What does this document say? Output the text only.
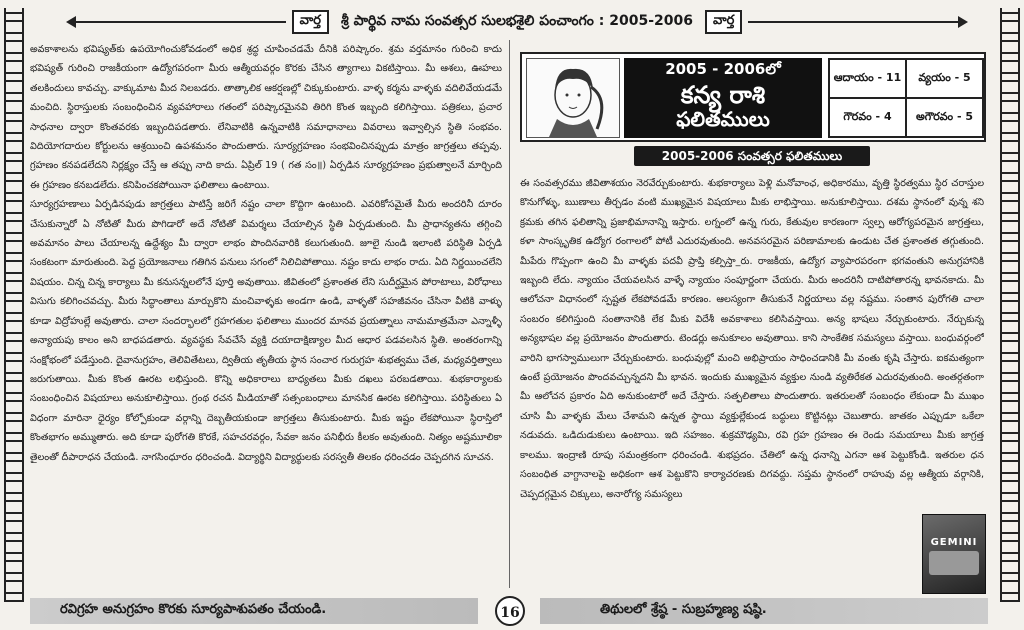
వార్త	శ్రీ పార్థివ నామ సంవత్సర సులభశైలి పంచాంగం : 2005-2006	వార్త

అవకాశాలను భవిష్యత్‌కు ఉపయోగించుకోవడంలో అధిక శ్రద్ధ చూపించడమే దీనికి పరిష్కారం. శ్రమ వర్తమానం గురించి కాదు భవిష్యత్ గురించి రాజకీయంగా ఉద్యోగపరంగా మీరు ఆత్మీయవర్గం కొరకు చేసిన త్యాగాలు వికటిస్తాయి. మీ ఆశలు, ఊహలు తలకిందులు కావచ్చు. వాక్కుమాట మీద నిలబడరు. తాత్కాలిక ఆకర్షణల్లో చిక్కుకుంటారు. వాళ్ళ కర్మను వాళ్ళకు వదిలివేయడమే మంచిది. స్థిరాస్తులకు సంబంధించిన వ్యవహారాలు గతంలో పరిష్కారమైనవి తిరిగి కొంత ఇబ్బంది కలిగిస్తాయి. పత్రికలు, ప్రచార సాధనాల ద్వారా కొంతవరకు ఇబ్బందిపడతారు. లేనివాటికి ఉన్నవాటికి సమాధానాలు వివరాలు ఇవ్వాల్సిన స్థితి సంభవం. విదియోగదారుల కోర్టులను ఆశ్రయించి ఉపశమనం పొందుతారు. సూర్యగ్రహణం సంభవించినప్పుడు మాత్రం జాగ్రత్తలు తప్పవు. గ్రహణం కనపడలేదని నిర్లక్ష్యం చేస్తే ఆ తప్పు నాది కాదు. ఏప్రిల్ 19 ( గత సం॥) ఏర్పడిన సూర్యగ్రహణం ప్రభుత్వాలనే మార్చింది ఈ గ్రహణం కనబడలేదు. కనిపించకపోయినా ఫలితాలు ఉంటాయి.

సూర్యగ్రహణాలు ఏర్పడినపుడు జాగ్రత్తలు పాటిస్తే జరిగే నష్టం చాలా కొద్దిగా ఉంటుంది. ఎవరికోసమైతే మీరు అందరినీ దూరం చేసుకున్నారో ఏ నోటితో మీరు పొగిడారో అదే నోటితో విమర్శలు చేయాల్సిన స్థితి ఏర్పడుతుంది. మీ ప్రాధాన్యతను తగ్గించి అవమానం పాలు చేయాలన్న ఉద్దేశ్యం మీ ద్వారా లాభం పొందినవారికి కలుగుతుంది. జూలై నుండి ఇలాంటి పరిస్థితి ఏర్పడి సంకటంగా మారుతుంది. పెద్ద ప్రయోజనాలు గతిగిన పనులు సగంలో నిలిచిపోతాయి. నష్టం కాదు లాభం రాదు. ఏది నిర్ణయించలేని విషయం. చిన్న చిన్న కార్యాలు మీ కనుసన్నలలోనే పూర్తి అవుతాయి. జీవితంలో ప్రశాంతత లేని సుదీర్ఘమైన పోరాటాలు, విరోధాలు విసుగు కలిగించవచ్చు. మీరు సిద్ధాంతాలు మార్చుకొని మంచివాళ్ళకు అండగా ఉండి, వాళ్ళతో సహజీవనం చేసినా వీటికి వాళ్ళు కూడా విద్రోహుల్లే అవుతారు. చాలా సందర్భాలలో గ్రహగతుల ఫలితాలు ముందర మానవ ప్రయత్నాలు నామమాత్రమేనా ఎన్నాళ్ళీ అన్యాయపు కాలం అని బాధపడతారు. వ్యవస్థకు సేవచేసే వ్యక్తి దయాదాక్షిణ్యాల మీద ఆధార పడవలసిన స్థితి. అంతరంగాన్ని సంక్షోభంలో పడేస్తుంది. దైవానుగ్రహం, తెలివితేటలు, ద్వితీయ తృతీయ స్థాన సంచార గురుగ్రహ శుభత్వము చేత, మధ్యవర్తిత్వాలు జరుగుతాయి. మీకు కొంత ఊరట లభిస్తుంది. కొన్ని అధికారాలు బాధ్యతలు మీకు దఖలు పరబడతాయి. శుభకార్యాలకు సంబంధించిన విషయాలు అనుకూలిస్తాయి. గ్రంథ రచన మీడియాతో సత్సంబంధాలు మానసిక ఊరట కలిగిస్తాయి. పరిస్థితులు ఏ విధంగా మారినా ధైర్యం కోల్పోకుండా వర్గాన్ని దెబ్బతీయకుండా జాగ్రత్తలు తీసుకుంటారు. మీకు ఇష్టం లేకపోయినా స్థిరాస్తిలో కొంతభాగం అమ్ముతారు. అది కూడా పురోగతి కొరకే, సహచరవర్గం, సేవకా జనం పనిభీరు కీలకం అవుతుంది. నిత్యం అష్టమూలికా తైలంతో దీపారాధన చేయండి. నాగసింధూరం ధరించండి. విద్యార్థిని విద్యార్థులకు సరస్వతీ తిలకం ధరించడం చెప్పదగిన సూచన.

2005 - 2006లో
కన్య రాశి
ఫలితములు
ఆదాయం - 11	వ్యయం - 5
గౌరవం - 4	అగౌరవం - 5
2005-2006 సంవత్సర ఫలితములు

ఈ సంవత్సరము జీవితాశయం నెరవేర్చుకుంటారు. శుభకార్యాలు పెళ్లి మనోవాంఛ, అధికారము, వృత్తి స్థిరత్వము స్థిర చరాస్తుల కొనుగోళ్ళు, ఋణాలు తీర్చడం వంటి ముఖ్యమైన విషయాలు మీకు లాభిస్తాయి. అనుకూలిస్తాయి. దశమ స్థానంలో వున్న శని క్రమకు తగిన ఫలితాన్ని ప్రజాభిమానాన్ని ఇస్తారు. లగ్నంలో ఉన్న గురు, కేతువుల కారణంగా స్వల్ప ఆరోగ్యపరమైన జాగ్రత్తలు, కళా సాంస్కృతిక ఉద్యోగ రంగాలలో పోటీ ఎదురవుతుంది. అనవసరమైన పరిణామాలకు ఉండుట చేత ప్రశాంతత తగ్గుతుంది. మీపేరు గొప్పంగా ఉంచి మీ వాళ్ళకు పదవీ ప్రాప్తి కల్పిస్తా_రు. రాజకీయ, ఉద్యోగ వ్యాపారపరంగా భగవంతుని అనుగ్రహానికి ఇబ్బంది లేదు. న్యాయం చేయవలసిన వాళ్ళే న్యాయం సంపూర్ణంగా చేయరు. మీరు అందరినీ దాటిపోతారన్న భావనకాదు. మీ ఆలోచనా విధానంలో స్పష్టత లేకపోవడమే కారణం. ఆలస్యంగా తీసుకునే నిర్ణయాలు వల్ల నష్టము. సంతాన పురోగతి చాలా సంబరం కలిగిస్తుంది సంతానానికి లేక మీకు విదేశీ అవకాశాలు కలిసివస్తాయి. అన్య భాషలు నేర్చుకుంటారు. నేర్చుకున్న అన్యభాషల వల్ల ప్రయోజనం పొందుతారు. టెండర్లు అనుకూలం అవుతాయి. కాని సాంకేతిక సమస్యలు వస్తాయి. బంధువర్గంలో వారిని భాగస్వాములుగా చేర్చుకుంటారు. బంధువుల్లో మంచి అభిప్రాయం సాధించడానికి మీ వంతు కృషి చేస్తారు. ఐకమత్యంగా ఉంటే ప్రయోజనం పొందవచ్చున్నదని మీ భావన. ఇందుకు ముఖ్యమైన వ్యక్తుల నుండి వ్యతిరేకత ఎదురవుతుంది. అంతర్గతంగా మీ ఆలోచన ప్రకారం ఏది అనుకుంటారో అదే చేస్తారు. సత్ఫలితాలు పొందుతారు. ఇతరులతో సంబంధం లేకుండా మీ ముఖం చూసి మీ వాళ్ళకు మేలు చేశామని ఉన్నత స్థాయి వ్యక్తుల్లేకుండ బద్ధులు కొట్టినట్లు చెబుతారు. జాతకం ఎప్పుడూ ఒకేలా నడువదు. ఒడిదుడుకులు ఉంటాయి. ఇది సహజం. శుక్రమౌఢ్యమి, రవి గ్రహ గ్రహణం ఈ రెండు సమయాలు మీకు జాగ్రత్త కాలము. ఇంద్రాణి రూపు సమంత్రకంగా ధరించండి. శుభప్రదం. చేతిలో ఉన్న ధనాన్ని ఎగనా ఆశ పెట్టుకోండి. ఇతరుల ధన సంబంధిత వాగ్దానాలపై అధికంగా ఆశ పెట్టుకొని కార్యాచరణకు దిగవద్దు. సప్తమ స్థానంలో రాహువు వల్ల ఆత్మీయ వర్గానికి, చెప్పదగ్గమైన చిక్కులు, అనారోగ్య సమస్యలు

GEMINI
రవిగ్రహ అనుగ్రహం కొరకు సూర్యపాశుపతం చేయండి.	16	తిథులలో శ్రేష్ఠ - సుబ్రహ్మణ్య షష్ఠి.
